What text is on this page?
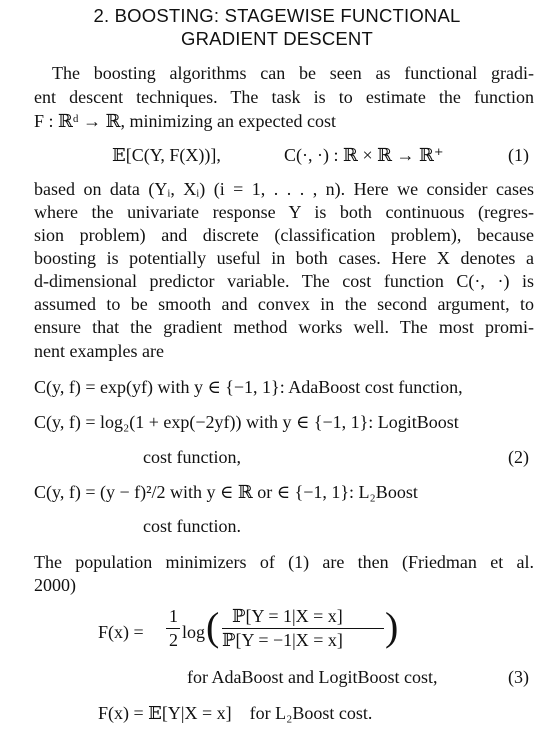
2. BOOSTING: STAGEWISE FUNCTIONAL
GRADIENT DESCENT
The boosting algorithms can be seen as functional gradi-
ent descent techniques. The task is to estimate the function
F : ℝᵈ → ℝ, minimizing an expected cost
𝔼[C(Y, F(X))],	C(·, ·) : ℝ × ℝ → ℝ⁺	(1)
based on data (Yᵢ, Xᵢ) (i = 1, . . . , n). Here we consider cases
where the univariate response Y is both continuous (regres-
sion problem) and discrete (classification problem), because
boosting is potentially useful in both cases. Here X denotes a
d-dimensional predictor variable. The cost function C(·, ·) is
assumed to be smooth and convex in the second argument, to
ensure that the gradient method works well. The most promi-
nent examples are
C(y, f) = exp(yf) with y ∈ {−1, 1}: AdaBoost cost function,
C(y, f) = log₂(1 + exp(−2yf)) with y ∈ {−1, 1}: LogitBoost
cost function,	(2)
C(y, f) = (y − f)²/2 with y ∈ ℝ or ∈ {−1, 1}: L₂Boost
cost function.
The population minimizers of (1) are then (Friedman et al.
2000)
F(x) =
1
2 log ( ℙ[Y = 1|X = x]
ℙ[Y = −1|X = x] )
for AdaBoost and LogitBoost cost,	(3)
F(x) = 𝔼[Y|X = x]    for L₂Boost cost.
